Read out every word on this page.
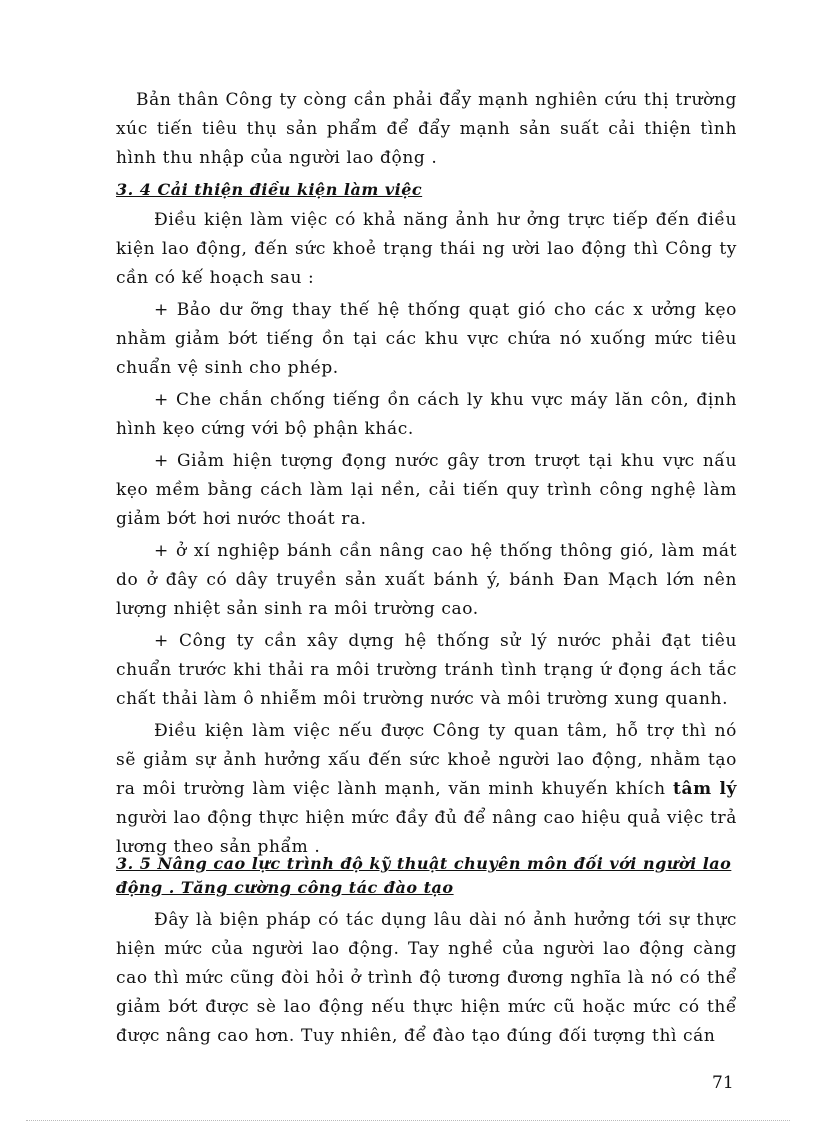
Bản thân Công ty còng cần phải đẩy mạnh nghiên cứu thị trường xúc tiến tiêu thụ sản phẩm để đẩy mạnh sản suất cải thiện tình hình thu nhập của người lao động .

3. 4 Cải thiện điều kiện làm việc

Điều kiện làm việc có khả năng ảnh hư ởng trực tiếp đến điều kiện lao động, đến sức khoẻ trạng thái ng ười lao động thì Công ty cần có kế hoạch sau :

+ Bảo dư ỡng thay thế hệ thống quạt gió cho các x ưởng kẹo nhằm giảm bớt tiếng ồn tại các khu vực chứa nó xuống mức tiêu chuẩn vệ sinh cho phép.

+ Che chắn chống tiếng ồn cách ly khu vực máy lăn côn, định hình kẹo cứng với bộ phận khác.

+ Giảm hiện tượng đọng nước gây trơn trượt tại khu vực nấu kẹo mềm bằng cách làm lại nền, cải tiến quy trình công nghệ làm giảm bớt hơi nước thoát ra.

+ ở xí nghiệp bánh cần nâng cao hệ thống thông gió, làm mát do ở đây có dây truyền sản xuất bánh ý, bánh Đan Mạch lớn nên lượng nhiệt sản sinh ra môi trường cao.

+ Công ty cần xây dựng hệ thống sử lý nước phải đạt tiêu chuẩn trước khi thải ra môi trường tránh tình trạng ứ đọng ách tắc chất thải làm ô nhiễm môi trường nước và môi trường xung quanh.

Điều kiện làm việc nếu được Công ty quan tâm, hỗ trợ thì nó sẽ giảm sự ảnh hưởng xấu đến sức khoẻ người lao động, nhằm tạo ra môi trường làm việc lành mạnh, văn minh khuyến khích tâm lý người lao động thực hiện mức đầy đủ để nâng cao hiệu quả việc trả lương theo sản phẩm .

3. 5 Nâng cao lực trình độ kỹ thuật chuyên môn đối với người lao
động . Tăng cường công tác đào tạo

Đây là biện pháp có tác dụng lâu dài nó ảnh hưởng tới sự thực hiện mức của người lao động. Tay nghề của người lao động càng cao thì mức cũng đòi hỏi ở trình độ tương đương nghĩa là nó có thể giảm bớt được sè lao động nếu thực hiện mức cũ hoặc mức có thể được nâng cao hơn. Tuy nhiên, để đào tạo đúng đối tượng thì cán

71
